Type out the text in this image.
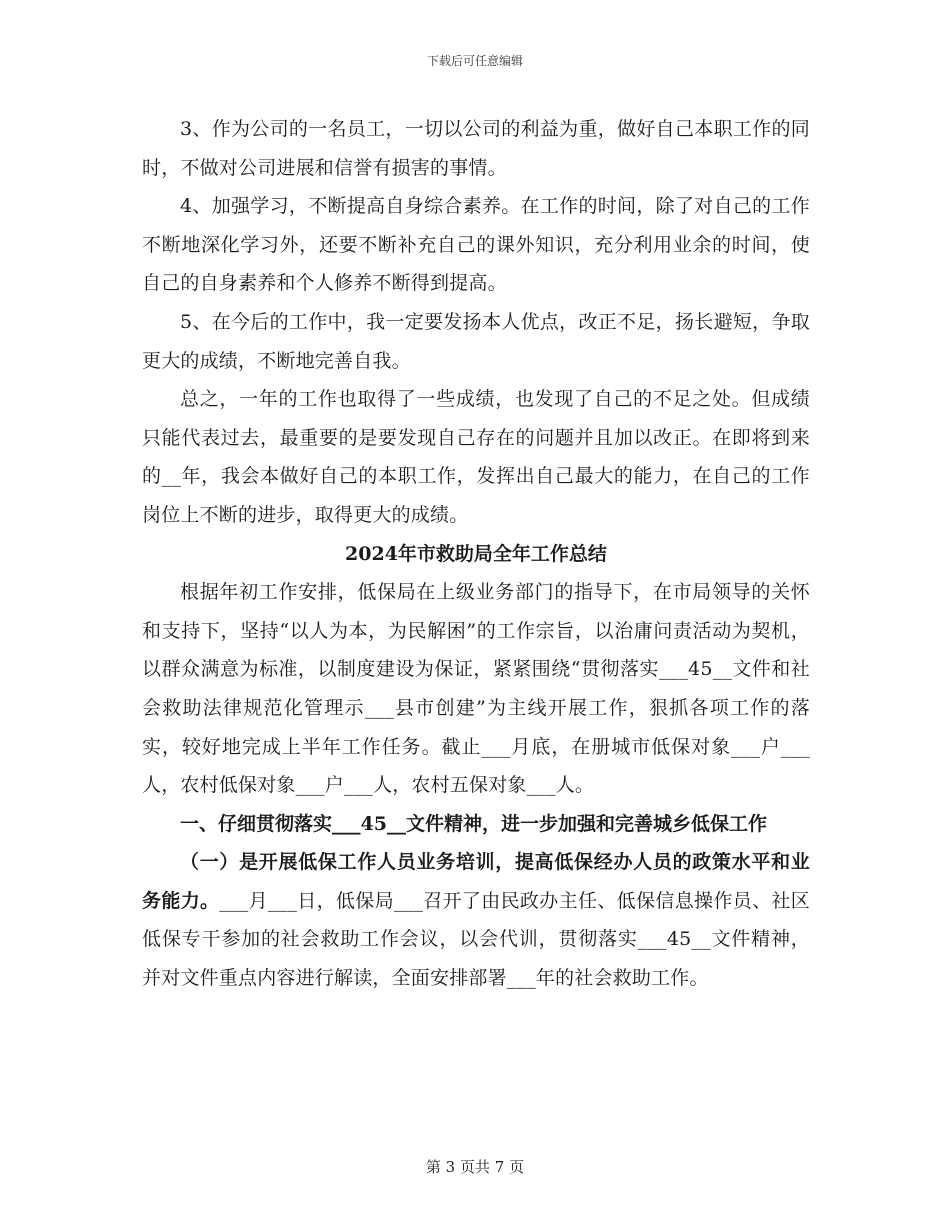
下载后可任意编辑

3、作为公司的一名员工，一切以公司的利益为重，做好自己本职工作的同时，不做对公司进展和信誉有损害的事情。

4、加强学习，不断提高自身综合素养。在工作的时间，除了对自己的工作不断地深化学习外，还要不断补充自己的课外知识，充分利用业余的时间，使自己的自身素养和个人修养不断得到提高。

5、在今后的工作中，我一定要发扬本人优点，改正不足，扬长避短，争取更大的成绩，不断地完善自我。

总之，一年的工作也取得了一些成绩，也发现了自己的不足之处。但成绩只能代表过去，最重要的是要发现自己存在的问题并且加以改正。在即将到来的__年，我会本做好自己的本职工作，发挥出自己最大的能力，在自己的工作岗位上不断的进步，取得更大的成绩。

2024年市救助局全年工作总结

根据年初工作安排，低保局在上级业务部门的指导下，在市局领导的关怀和支持下，坚持“以人为本，为民解困”的工作宗旨，以治庸问责活动为契机，以群众满意为标准，以制度建设为保证，紧紧围绕“贯彻落实___45__文件和社会救助法律规范化管理示___县市创建”为主线开展工作，狠抓各项工作的落实，较好地完成上半年工作任务。截止___月底，在册城市低保对象___户___人，农村低保对象___户___人，农村五保对象___人。

一、仔细贯彻落实___45__文件精神，进一步加强和完善城乡低保工作

（一）是开展低保工作人员业务培训，提高低保经办人员的政策水平和业务能力。___月___日，低保局___召开了由民政办主任、低保信息操作员、社区低保专干参加的社会救助工作会议，以会代训，贯彻落实___45__文件精神，并对文件重点内容进行解读，全面安排部署___年的社会救助工作。

第 3 页共 7 页
